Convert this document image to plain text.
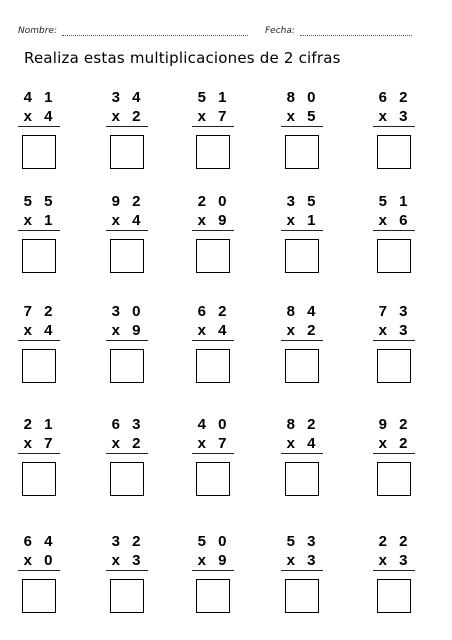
Nombre:	Fecha:
Realiza estas multiplicaciones de 2 cifras
4 1
x 4
3 4
x 2
5 1
x 7
8 0
x 5
6 2
x 3
5 5
x 1
9 2
x 4
2 0
x 9
3 5
x 1
5 1
x 6
7 2
x 4
3 0
x 9
6 2
x 4
8 4
x 2
7 3
x 3
2 1
x 7
6 3
x 2
4 0
x 7
8 2
x 4
9 2
x 2
6 4
x 0
3 2
x 3
5 0
x 9
5 3
x 3
2 2
x 3
